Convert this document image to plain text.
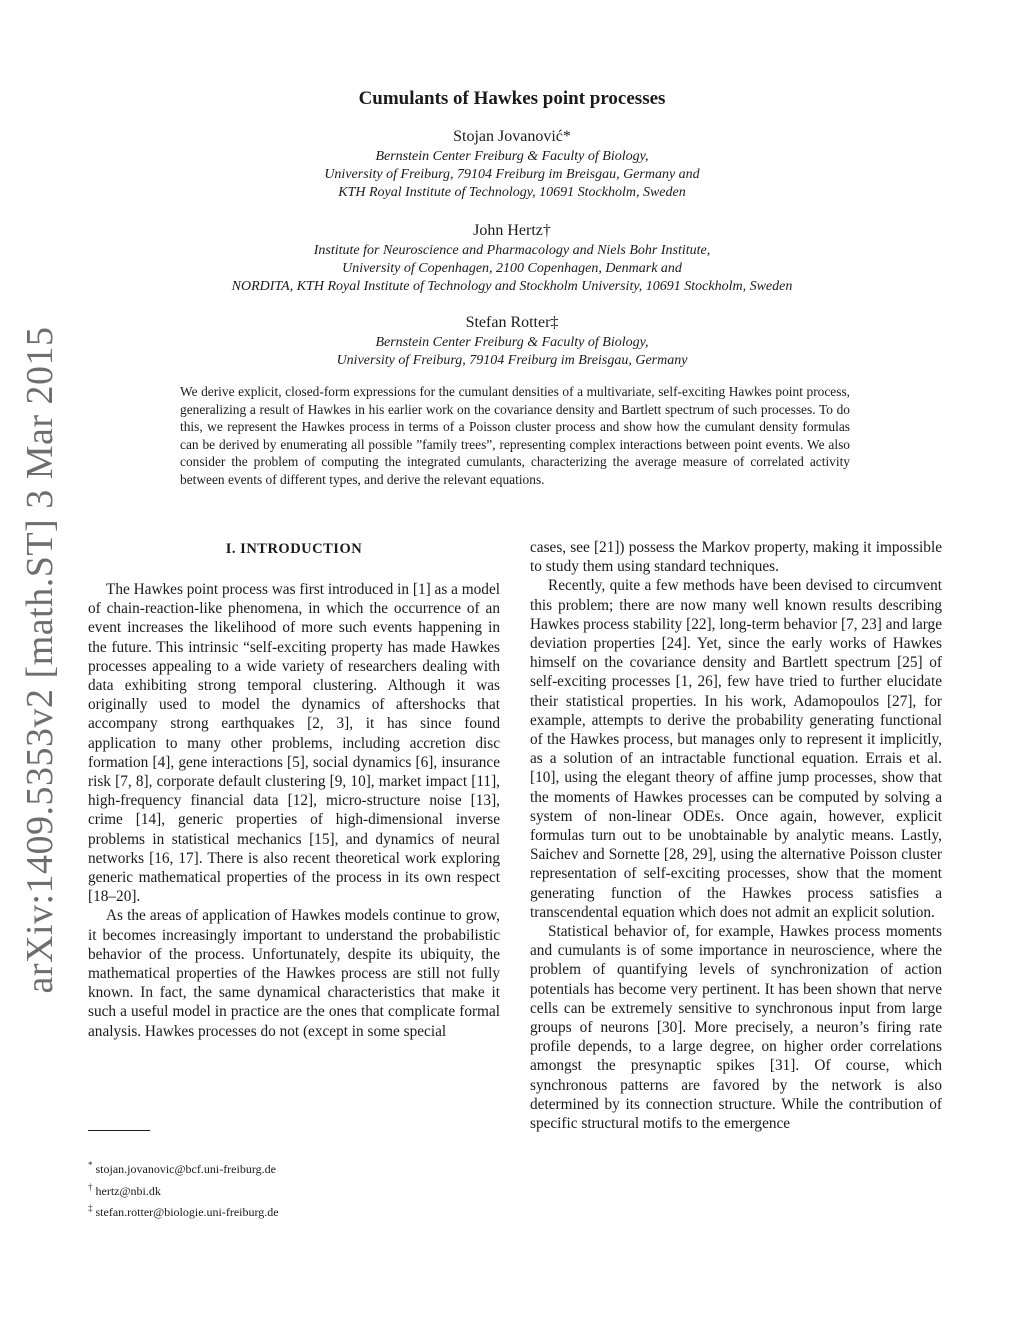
arXiv:1409.5353v2 [math.ST] 3 Mar 2015
Cumulants of Hawkes point processes
Stojan Jovanović*
Bernstein Center Freiburg & Faculty of Biology,
University of Freiburg, 79104 Freiburg im Breisgau, Germany and
KTH Royal Institute of Technology, 10691 Stockholm, Sweden
John Hertz†
Institute for Neuroscience and Pharmacology and Niels Bohr Institute,
University of Copenhagen, 2100 Copenhagen, Denmark and
NORDITA, KTH Royal Institute of Technology and Stockholm University, 10691 Stockholm, Sweden
Stefan Rotter‡
Bernstein Center Freiburg & Faculty of Biology,
University of Freiburg, 79104 Freiburg im Breisgau, Germany
We derive explicit, closed-form expressions for the cumulant densities of a multivariate, self-exciting Hawkes point process, generalizing a result of Hawkes in his earlier work on the covariance density and Bartlett spectrum of such processes. To do this, we represent the Hawkes process in terms of a Poisson cluster process and show how the cumulant density formulas can be derived by enumerating all possible ”family trees”, representing complex interactions between point events. We also consider the problem of computing the integrated cumulants, characterizing the average measure of correlated activity between events of different types, and derive the relevant equations.
I. INTRODUCTION

The Hawkes point process was first introduced in [1] as a model of chain-reaction-like phenomena, in which the occurrence of an event increases the likelihood of more such events happening in the future. This intrinsic “self-exciting property has made Hawkes processes appealing to a wide variety of researchers dealing with data exhibiting strong temporal clustering. Although it was originally used to model the dynamics of aftershocks that accompany strong earthquakes [2, 3], it has since found application to many other problems, including accretion disc formation [4], gene interactions [5], social dynamics [6], insurance risk [7, 8], corporate default clustering [9, 10], market impact [11], high-frequency financial data [12], micro-structure noise [13], crime [14], generic properties of high-dimensional inverse problems in statistical mechanics [15], and dynamics of neural networks [16, 17]. There is also recent theoretical work exploring generic mathematical properties of the process in its own respect [18–20].

As the areas of application of Hawkes models continue to grow, it becomes increasingly important to understand the probabilistic behavior of the process. Unfortunately, despite its ubiquity, the mathematical properties of the Hawkes process are still not fully known. In fact, the same dynamical characteristics that make it such a useful model in practice are the ones that complicate formal analysis. Hawkes processes do not (except in some special

cases, see [21]) possess the Markov property, making it impossible to study them using standard techniques.

Recently, quite a few methods have been devised to circumvent this problem; there are now many well known results describing Hawkes process stability [22], long-term behavior [7, 23] and large deviation properties [24]. Yet, since the early works of Hawkes himself on the covariance density and Bartlett spectrum [25] of self-exciting processes [1, 26], few have tried to further elucidate their statistical properties. In his work, Adamopoulos [27], for example, attempts to derive the probability generating functional of the Hawkes process, but manages only to represent it implicitly, as a solution of an intractable functional equation. Errais et al. [10], using the elegant theory of affine jump processes, show that the moments of Hawkes processes can be computed by solving a system of non-linear ODEs. Once again, however, explicit formulas turn out to be unobtainable by analytic means. Lastly, Saichev and Sornette [28, 29], using the alternative Poisson cluster representation of self-exciting processes, show that the moment generating function of the Hawkes process satisfies a transcendental equation which does not admit an explicit solution.

Statistical behavior of, for example, Hawkes process moments and cumulants is of some importance in neuroscience, where the problem of quantifying levels of synchronization of action potentials has become very pertinent. It has been shown that nerve cells can be extremely sensitive to synchronous input from large groups of neurons [30]. More precisely, a neuron’s firing rate profile depends, to a large degree, on higher order correlations amongst the presynaptic spikes [31]. Of course, which synchronous patterns are favored by the network is also determined by its connection structure. While the contribution of specific structural motifs to the emergence

* stojan.jovanovic@bcf.uni-freiburg.de
† hertz@nbi.dk
‡ stefan.rotter@biologie.uni-freiburg.de
